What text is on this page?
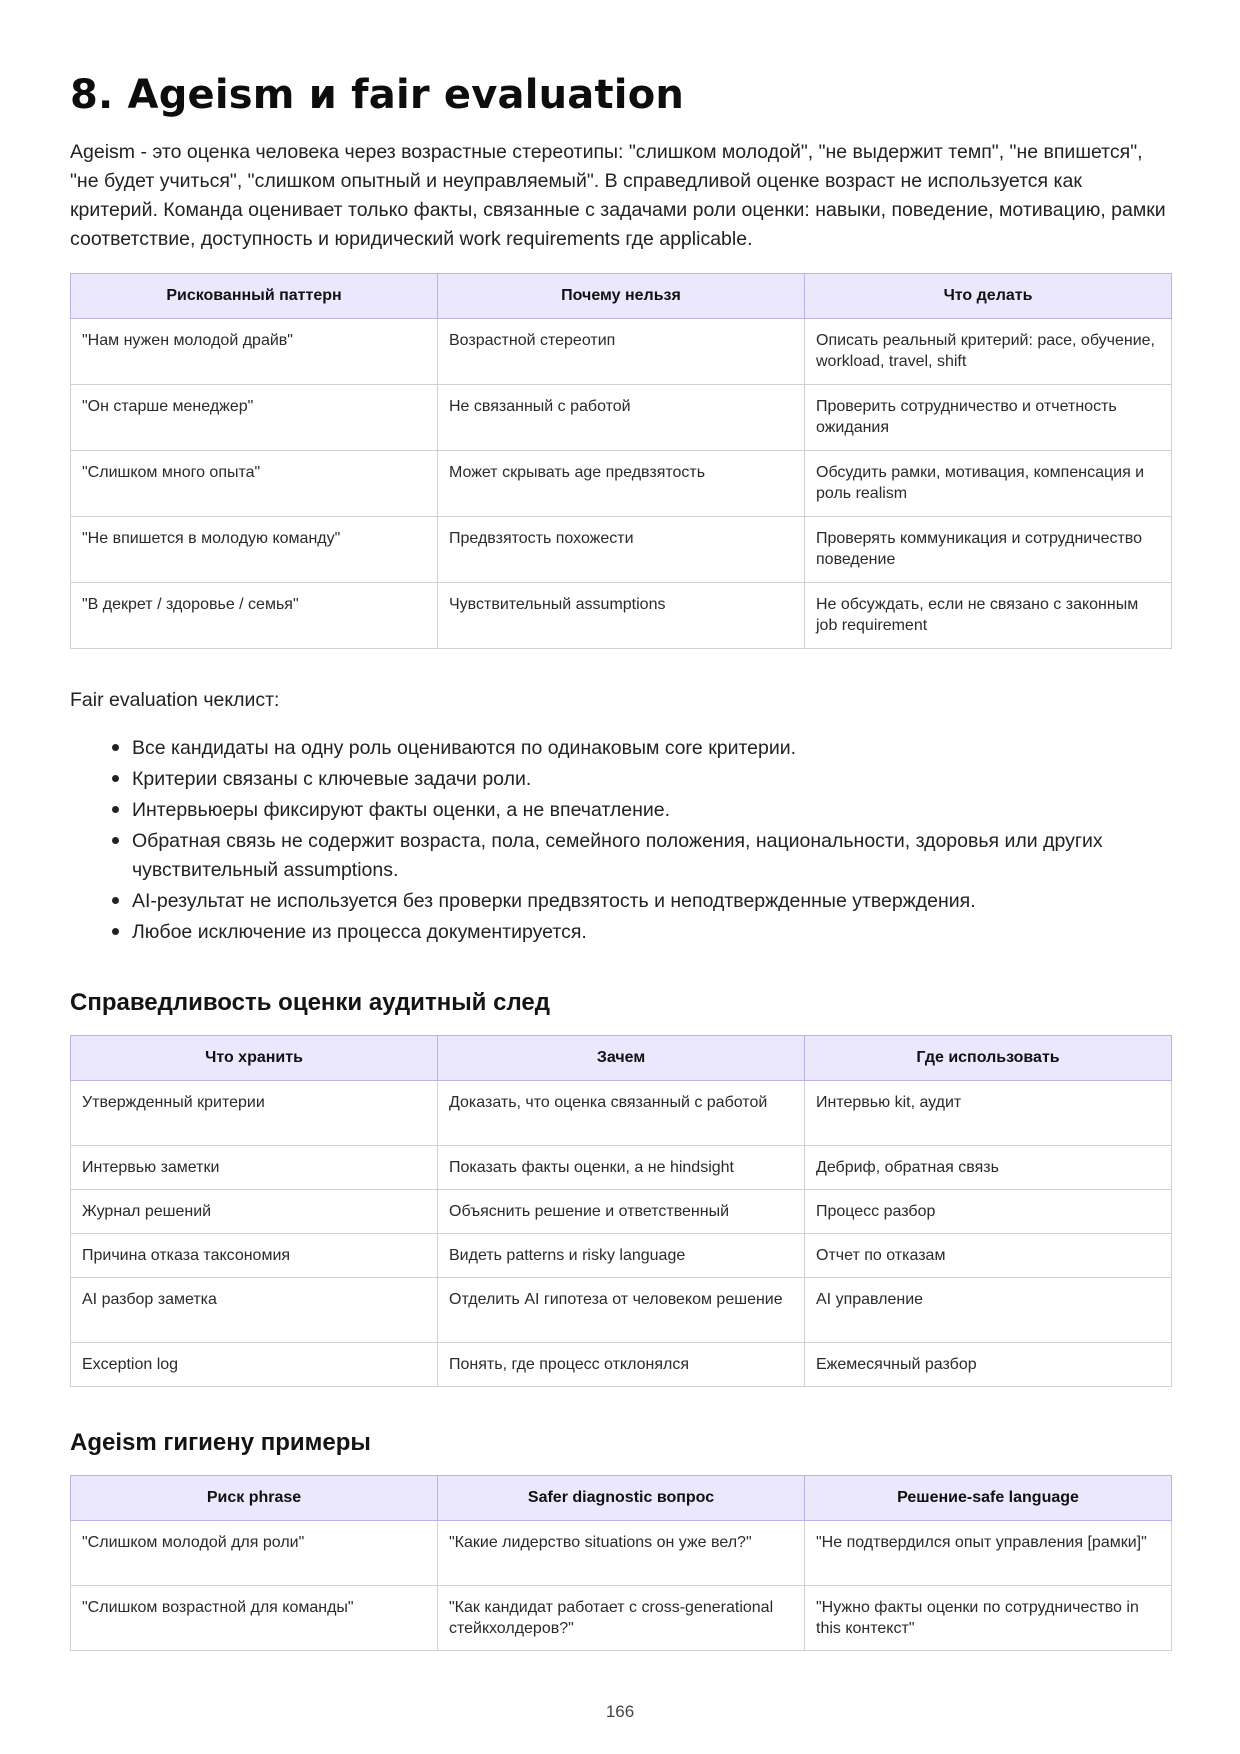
8. Ageism и fair evaluation

Ageism - это оценка человека через возрастные стереотипы: "слишком молодой", "не выдержит темп", "не впишется", "не будет учиться", "слишком опытный и неуправляемый". В справедливой оценке возраст не используется как критерий. Команда оценивает только факты, связанные с задачами роли оценки: навыки, поведение, мотивацию, рамки соответствие, доступность и юридический work requirements где applicable.

Рискованный паттерн	Почему нельзя	Что делать
"Нам нужен молодой драйв"	Возрастной стереотип	Описать реальный критерий: pace, обучение, workload, travel, shift
"Он старше менеджер"	Не связанный с работой	Проверить сотрудничество и отчетность ожидания
"Слишком много опыта"	Может скрывать age предвзятость	Обсудить рамки, мотивация, компенсация и роль realism
"Не впишется в молодую команду"	Предвзятость похожести	Проверять коммуникация и сотрудничество поведение
"В декрет / здоровье / семья"	Чувствительный assumptions	Не обсуждать, если не связано с законным job requirement

Fair evaluation чеклист:

• Все кандидаты на одну роль оцениваются по одинаковым core критерии.
• Критерии связаны с ключевые задачи роли.
• Интервьюеры фиксируют факты оценки, а не впечатление.
• Обратная связь не содержит возраста, пола, семейного положения, национальности, здоровья или других чувствительный assumptions.
• AI-результат не используется без проверки предвзятость и неподтвержденные утверждения.
• Любое исключение из процесса документируется.
Справедливость оценки аудитный след
Что хранить	Зачем	Где использовать
Утвержденный критерии	Доказать, что оценка связанный с работой	Интервью kit, аудит
Интервью заметки	Показать факты оценки, а не hindsight	Дебриф, обратная связь
Журнал решений	Объяснить решение и ответственный	Процесс разбор
Причина отказа таксономия	Видеть patterns и risky language	Отчет по отказам
AI разбор заметка	Отделить AI гипотеза от человеком решение	AI управление
Exception log	Понять, где процесс отклонялся	Ежемесячный разбор
Ageism гигиену примеры
Риск phrase	Safer diagnostic вопрос	Решение-safe language
"Слишком молодой для роли"	"Какие лидерство situations он уже вел?"	"Не подтвердился опыт управления [рамки]"
"Слишком возрастной для команды"	"Как кандидат работает с cross-generational стейкхолдеров?"	"Нужно факты оценки по сотрудничество in this контекст"
166
